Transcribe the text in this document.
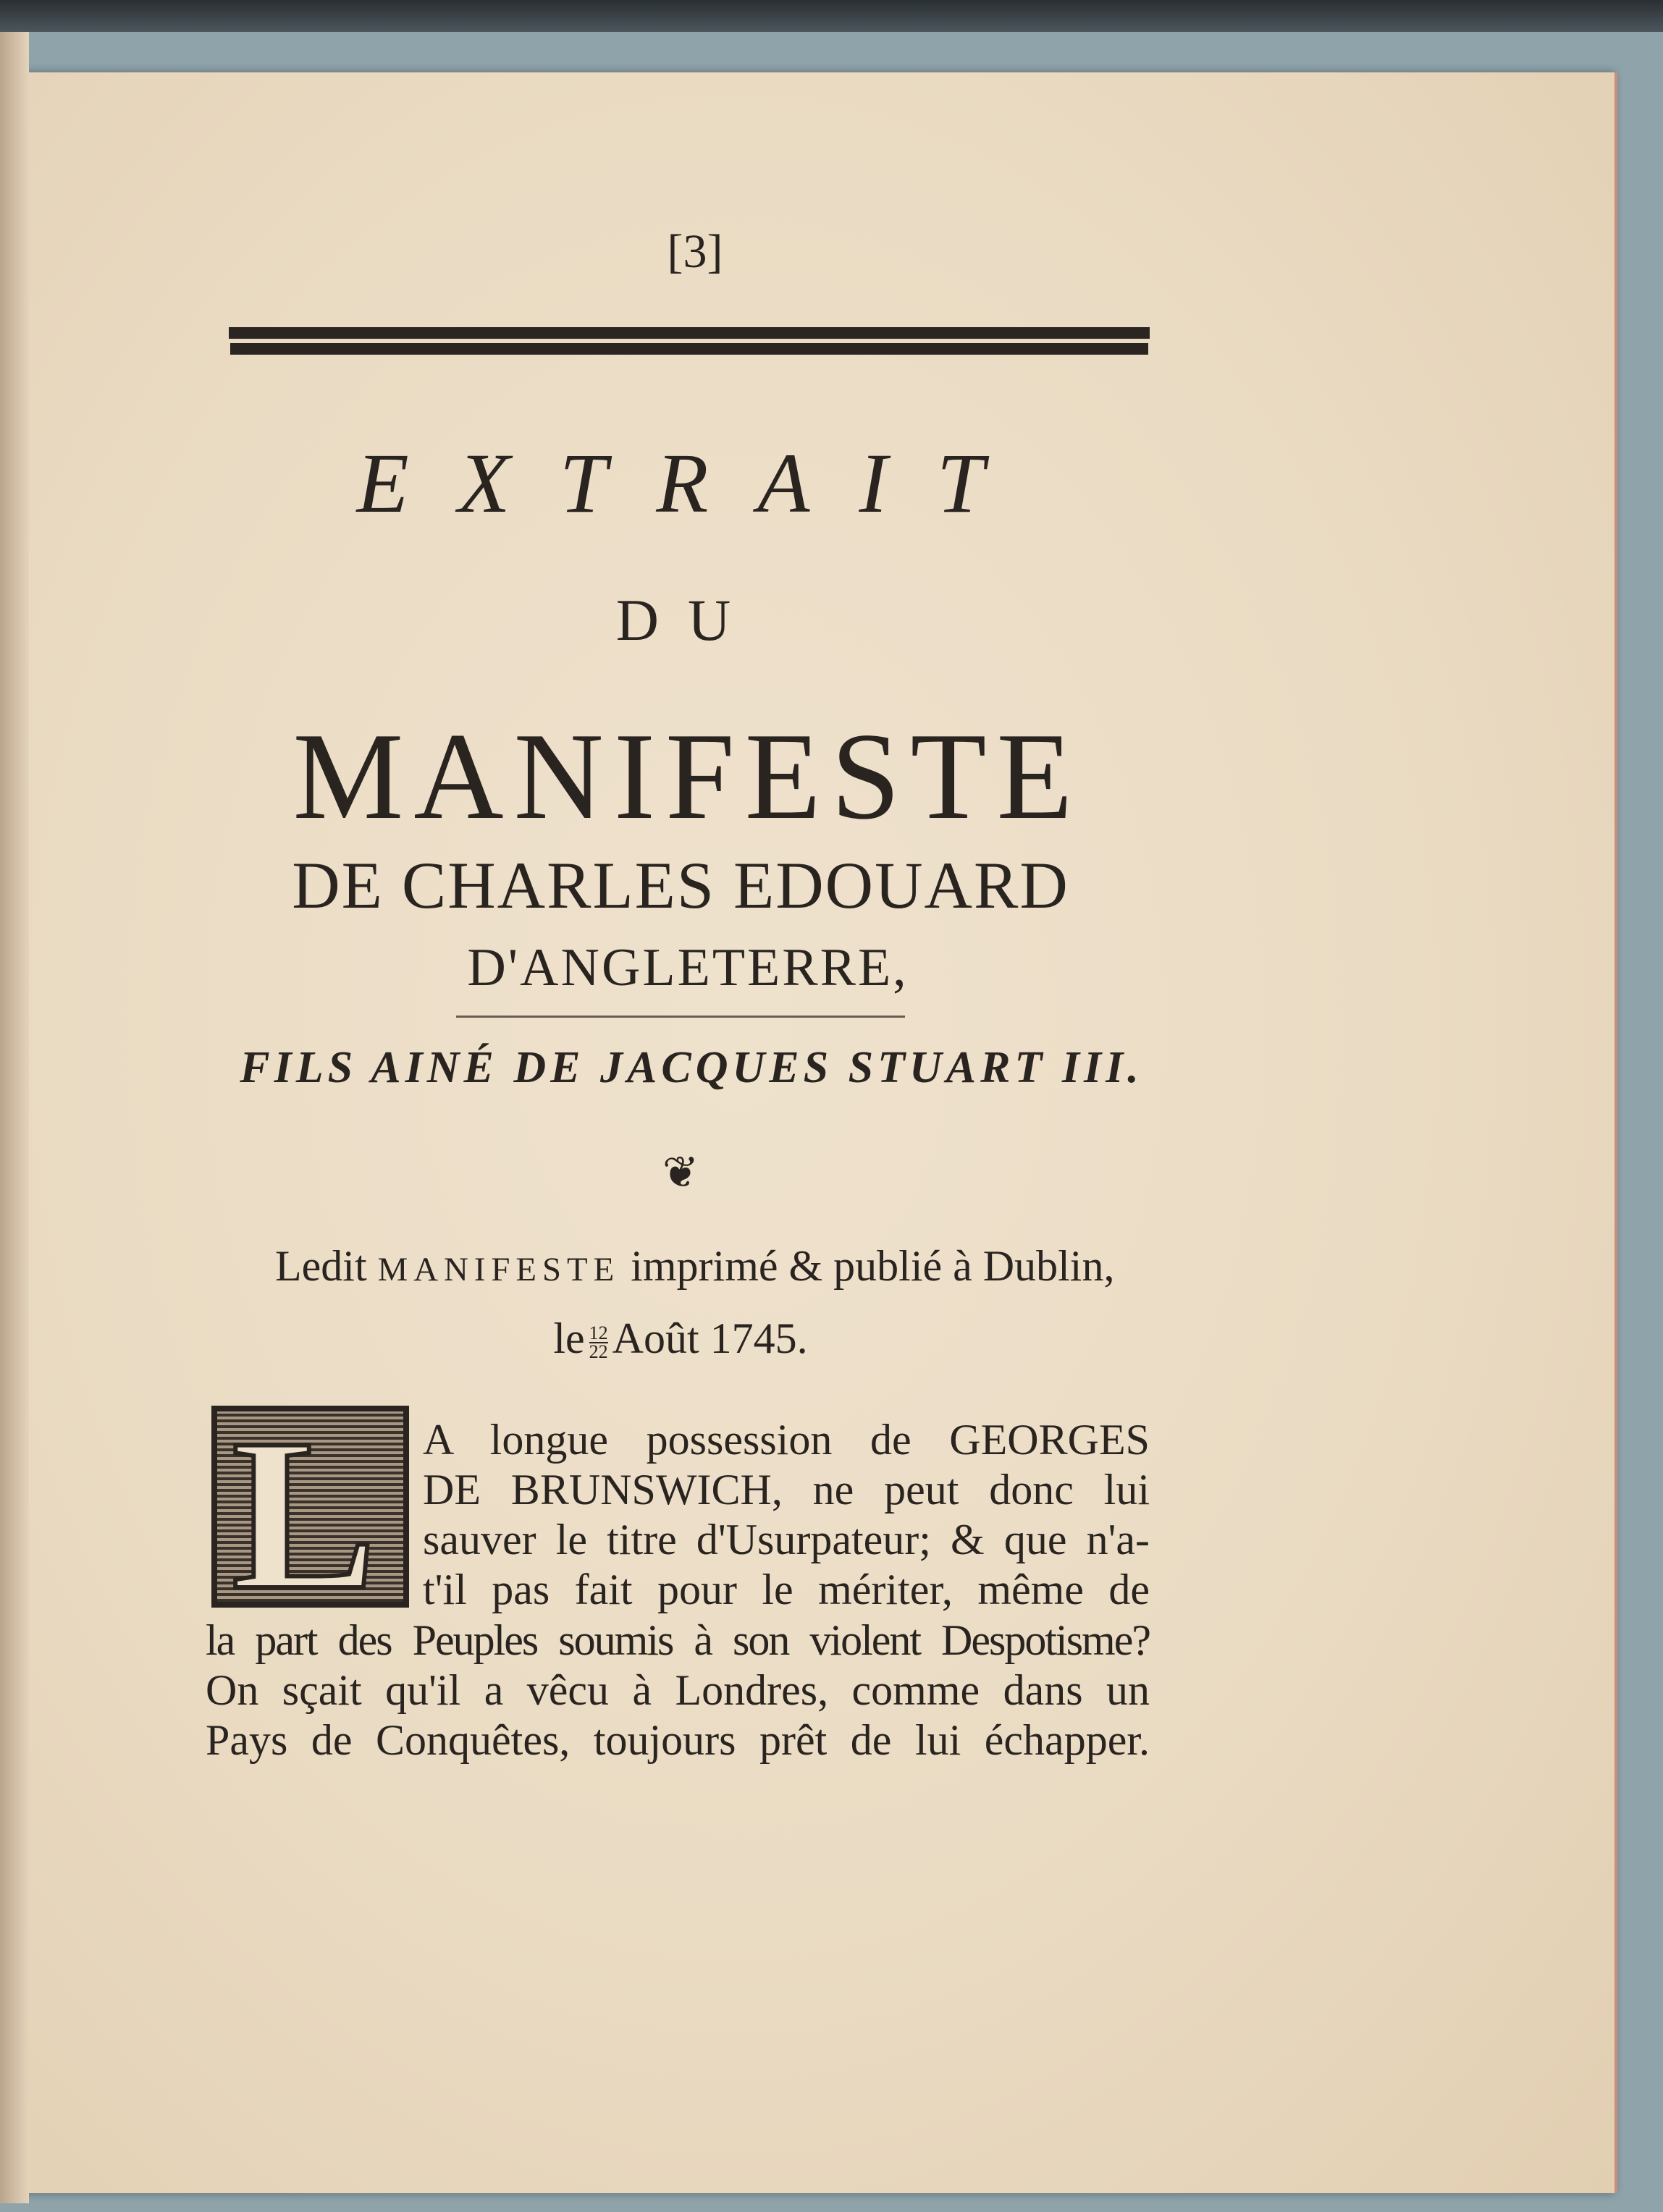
[3]
EXTRAIT
DU
MANIFESTE
DE CHARLES EDOUARD
D'ANGLETERRE,
FILS AINÉ DE JACQUES STUART III.
❦
Ledit MANIFESTE imprimé & publié à Dublin,
le $\frac{12}{22}$ Août 1745.
L A longue possession de GEORGES
DE BRUNSWICH, ne peut donc lui
sauver le titre d'Usurpateur; & que n'a-
t'il pas fait pour le mériter, même de
la part des Peuples soumis à son violent Despotisme?
On sçait qu'il a vêcu à Londres, comme dans un
Pays de Conquêtes, toujours prêt de lui échapper.
